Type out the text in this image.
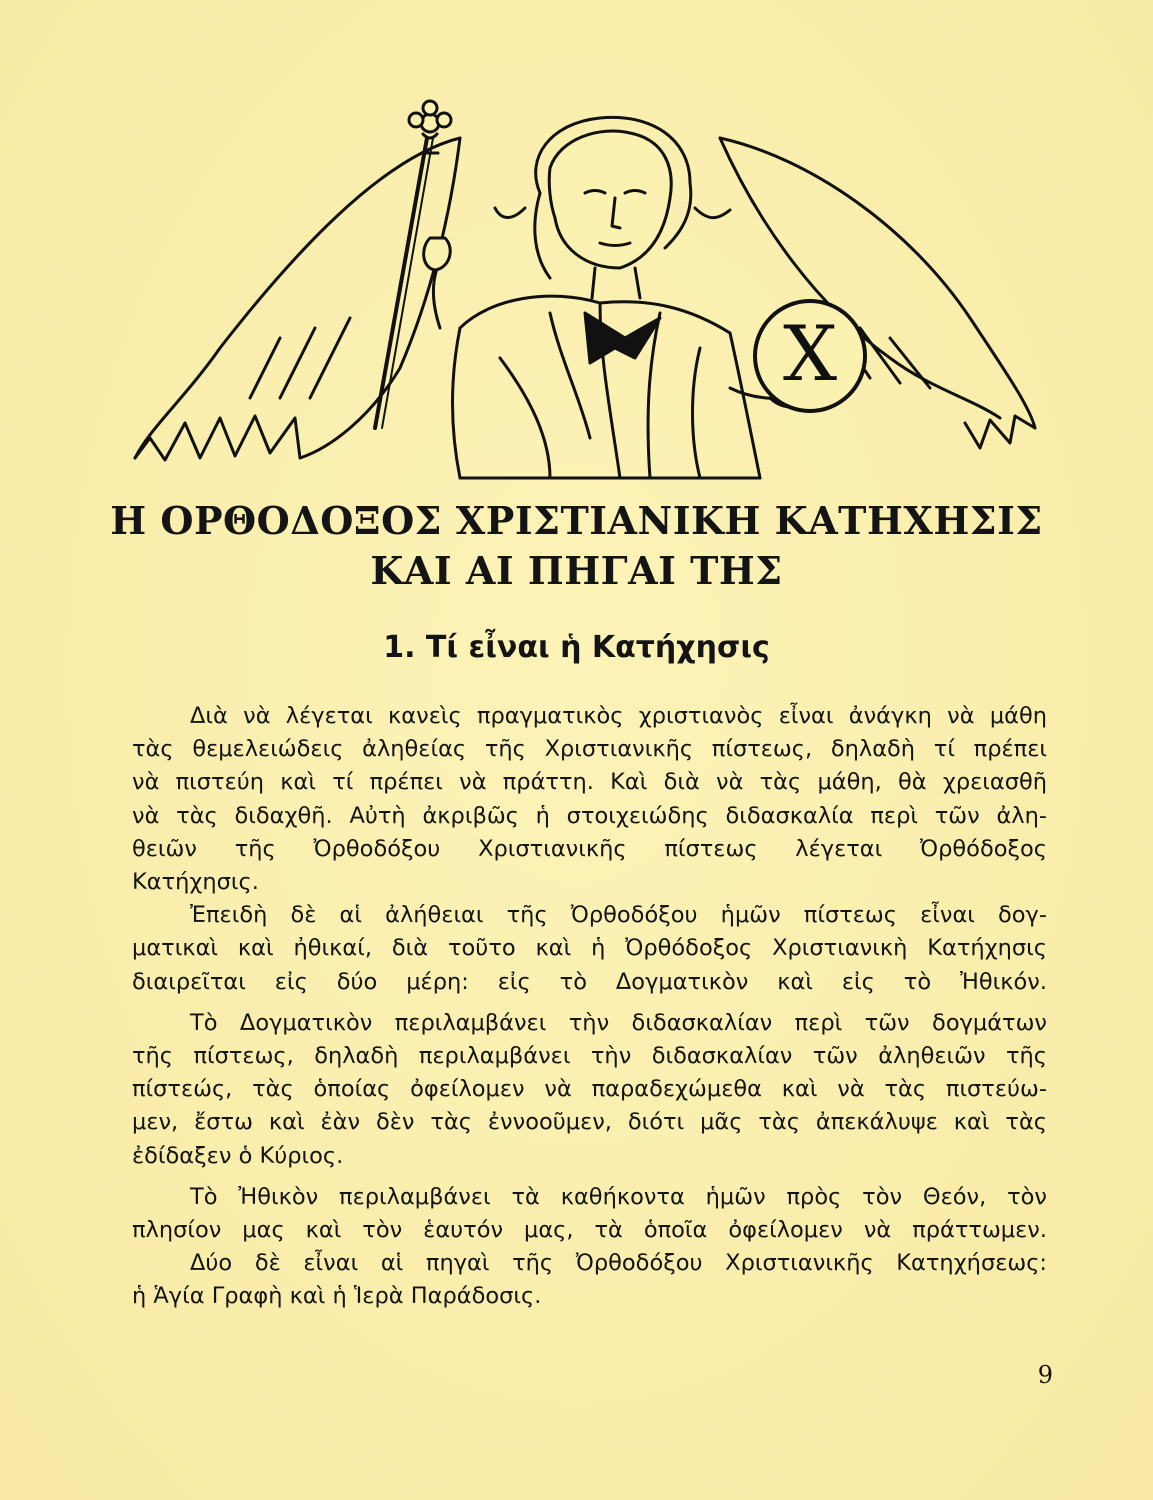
X
Η ΟΡΘΟΔΟΞΟΣ ΧΡΙΣΤΙΑΝΙΚΗ ΚΑΤΗΧΗΣΙΣ
ΚΑΙ ΑΙ ΠΗΓΑΙ ΤΗΣ
1. Τί εἶναι ἡ Κατήχησις
Διὰ νὰ λέγεται κανεὶς πραγματικὸς χριστιανὸς εἶναι ἀνάγκη νὰ μάθη
τὰς θεμελειώδεις ἀληθείας τῆς Χριστιανικῆς πίστεως, δηλαδὴ τί πρέπει
νὰ πιστεύη καὶ τί πρέπει νὰ πράττη. Καὶ διὰ νὰ τὰς μάθη, θὰ χρειασθῆ
νὰ τὰς διδαχθῆ. Αὐτὴ ἀκριβῶς ἡ στοιχειώδης διδασκαλία περὶ τῶν ἀλη-
θειῶν τῆς Ὀρθοδόξου Χριστιανικῆς πίστεως λέγεται Ὀρθόδοξος
Κατήχησις.
Ἐπειδὴ δὲ αἱ ἀλήθειαι τῆς Ὀρθοδόξου ἡμῶν πίστεως εἶναι δογ-
ματικαὶ καὶ ἠθικαί, διὰ τοῦτο καὶ ἡ Ὀρθόδοξος Χριστιανικὴ Κατήχησις
διαιρεῖται εἰς δύο μέρη: εἰς τὸ Δογματικὸν καὶ εἰς τὸ Ἠθικόν.
Τὸ Δογματικὸν περιλαμβάνει τὴν διδασκαλίαν περὶ τῶν δογμάτων
τῆς πίστεως, δηλαδὴ περιλαμβάνει τὴν διδασκαλίαν τῶν ἀληθειῶν τῆς
πίστεώς, τὰς ὁποίας ὀφείλομεν νὰ παραδεχώμεθα καὶ νὰ τὰς πιστεύω-
μεν, ἔστω καὶ ἐὰν δὲν τὰς ἐννοοῦμεν, διότι μᾶς τὰς ἀπεκάλυψε καὶ τὰς
ἐδίδαξεν ὁ Κύριος.
Τὸ Ἠθικὸν περιλαμβάνει τὰ καθήκοντα ἡμῶν πρὸς τὸν Θεόν, τὸν
πλησίον μας καὶ τὸν ἑαυτόν μας, τὰ ὁποῖα ὀφείλομεν νὰ πράττωμεν.
Δύο δὲ εἶναι αἱ πηγαὶ τῆς Ὀρθοδόξου Χριστιανικῆς Κατηχήσεως:
ἡ Ἁγία Γραφὴ καὶ ἡ Ἱερὰ Παράδοσις.
9
